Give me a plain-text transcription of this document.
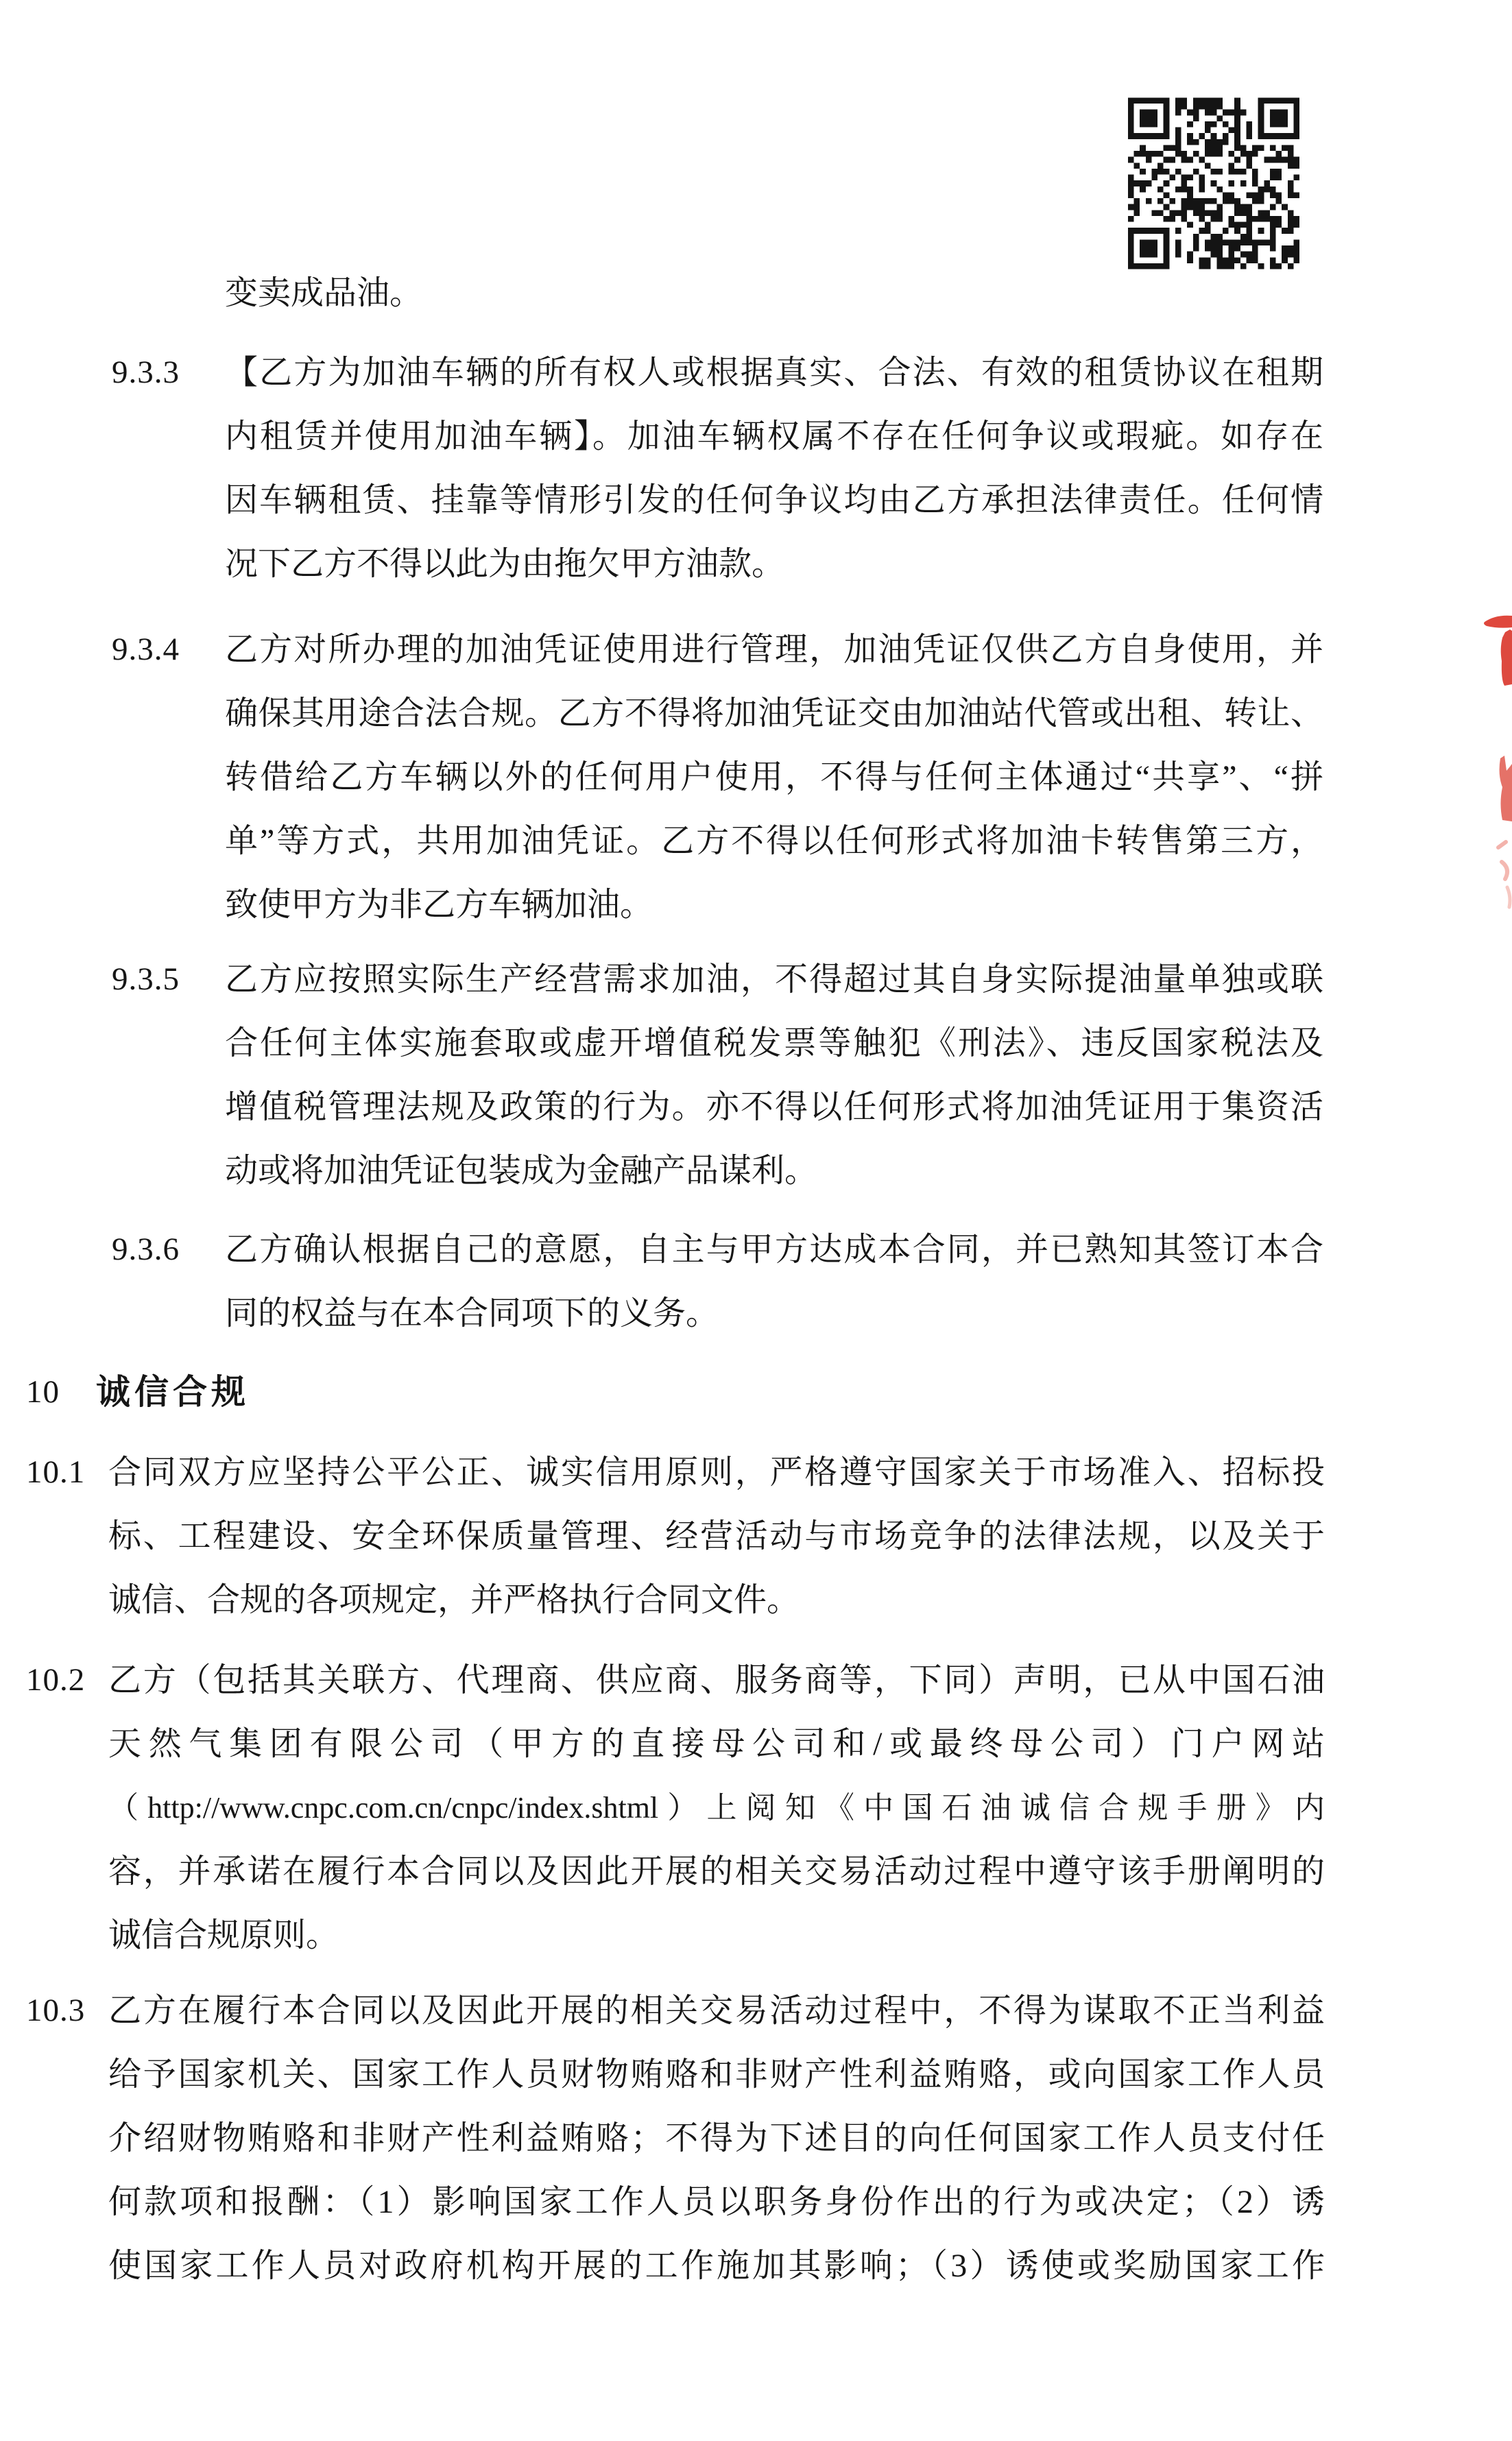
变卖成品油。
9.3.3 【乙方为加油车辆的所有权人或根据真实、合法、有效的租赁协议在租期
内租赁并使用加油车辆】。加油车辆权属不存在任何争议或瑕疵。如存在
因车辆租赁、挂靠等情形引发的任何争议均由乙方承担法律责任。任何情
况下乙方不得以此为由拖欠甲方油款。
9.3.4 乙方对所办理的加油凭证使用进行管理，加油凭证仅供乙方自身使用，并
确保其用途合法合规。乙方不得将加油凭证交由加油站代管或出租、转让、
转借给乙方车辆以外的任何用户使用，不得与任何主体通过“共享”、“拼
单”等方式，共用加油凭证。乙方不得以任何形式将加油卡转售第三方，
致使甲方为非乙方车辆加油。
9.3.5 乙方应按照实际生产经营需求加油，不得超过其自身实际提油量单独或联
合任何主体实施套取或虚开增值税发票等触犯《刑法》、违反国家税法及
增值税管理法规及政策的行为。亦不得以任何形式将加油凭证用于集资活
动或将加油凭证包装成为金融产品谋利。
9.3.6 乙方确认根据自己的意愿，自主与甲方达成本合同，并已熟知其签订本合
同的权益与在本合同项下的义务。
10 诚信合规
10.1 合同双方应坚持公平公正、诚实信用原则，严格遵守国家关于市场准入、招标投
标、工程建设、安全环保质量管理、经营活动与市场竞争的法律法规，以及关于
诚信、合规的各项规定，并严格执行合同文件。
10.2 乙方（包括其关联方、代理商、供应商、服务商等，下同）声明，已从中国石油
天然气集团有限公司（甲方的直接母公司和/或最终母公司）门户网站
（http://www.cnpc.com.cn/cnpc/index.shtml）上阅知《中国石油诚信合规手册》内
容，并承诺在履行本合同以及因此开展的相关交易活动过程中遵守该手册阐明的
诚信合规原则。
10.3 乙方在履行本合同以及因此开展的相关交易活动过程中，不得为谋取不正当利益
给予国家机关、国家工作人员财物贿赂和非财产性利益贿赂，或向国家工作人员
介绍财物贿赂和非财产性利益贿赂；不得为下述目的向任何国家工作人员支付任
何款项和报酬：（1）影响国家工作人员以职务身份作出的行为或决定；（2）诱
使国家工作人员对政府机构开展的工作施加其影响；（3）诱使或奖励国家工作
